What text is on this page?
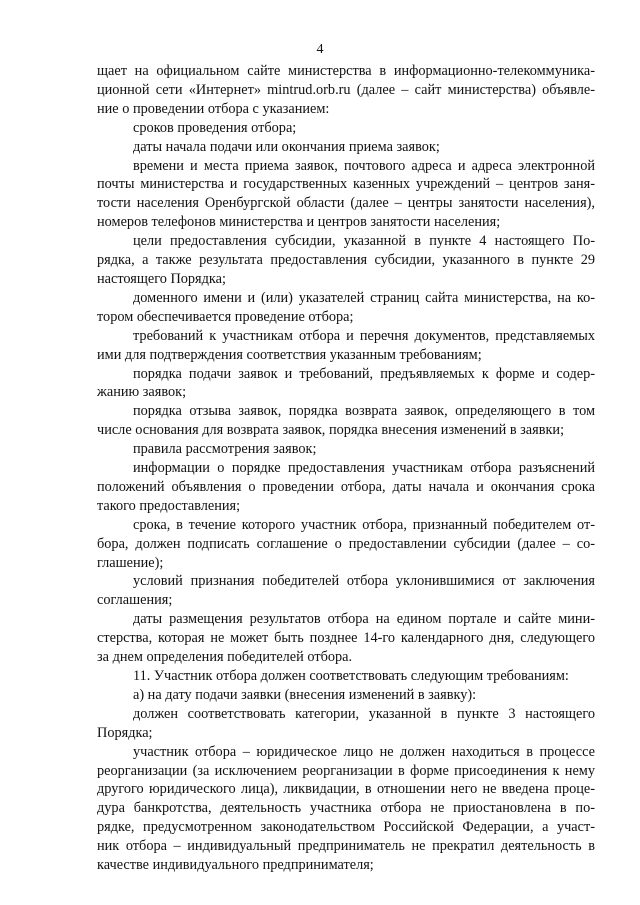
4
щает на официальном сайте министерства в информационно-телекоммуника-
ционной сети «Интернет» mintrud.orb.ru (далее – сайт министерства) объявле-
ние о проведении отбора с указанием:
сроков проведения отбора;
даты начала подачи или окончания приема заявок;
времени и места приема заявок, почтового адреса и адреса электронной
почты министерства и государственных казенных учреждений – центров заня-
тости населения Оренбургской области (далее – центры занятости населения),
номеров телефонов министерства и центров занятости населения;
цели предоставления субсидии, указанной в пункте 4 настоящего По-
рядка, а также результата предоставления субсидии, указанного в пункте 29
настоящего Порядка;
доменного имени и (или) указателей страниц сайта министерства, на ко-
тором обеспечивается проведение отбора;
требований к участникам отбора и перечня документов, представляемых
ими для подтверждения соответствия указанным требованиям;
порядка подачи заявок и требований, предъявляемых к форме и содер-
жанию заявок;
порядка отзыва заявок, порядка возврата заявок, определяющего в том
числе основания для возврата заявок, порядка внесения изменений в заявки;
правила рассмотрения заявок;
информации о порядке предоставления участникам отбора разъяснений
положений объявления о проведении отбора, даты начала и окончания срока
такого предоставления;
срока, в течение которого участник отбора, признанный победителем от-
бора, должен подписать соглашение о предоставлении субсидии (далее – со-
глашение);
условий признания победителей отбора уклонившимися от заключения
соглашения;
даты размещения результатов отбора на едином портале и сайте мини-
стерства, которая не может быть позднее 14-го календарного дня, следующего
за днем определения победителей отбора.
11. Участник отбора должен соответствовать следующим требованиям:
а) на дату подачи заявки (внесения изменений в заявку):
должен соответствовать категории, указанной в пункте 3 настоящего
Порядка;
участник отбора – юридическое лицо не должен находиться в процессе
реорганизации (за исключением реорганизации в форме присоединения к нему
другого юридического лица), ликвидации, в отношении него не введена проце-
дура банкротства, деятельность участника отбора не приостановлена в по-
рядке, предусмотренном законодательством Российской Федерации, а участ-
ник отбора – индивидуальный предприниматель не прекратил деятельность в
качестве индивидуального предпринимателя;
